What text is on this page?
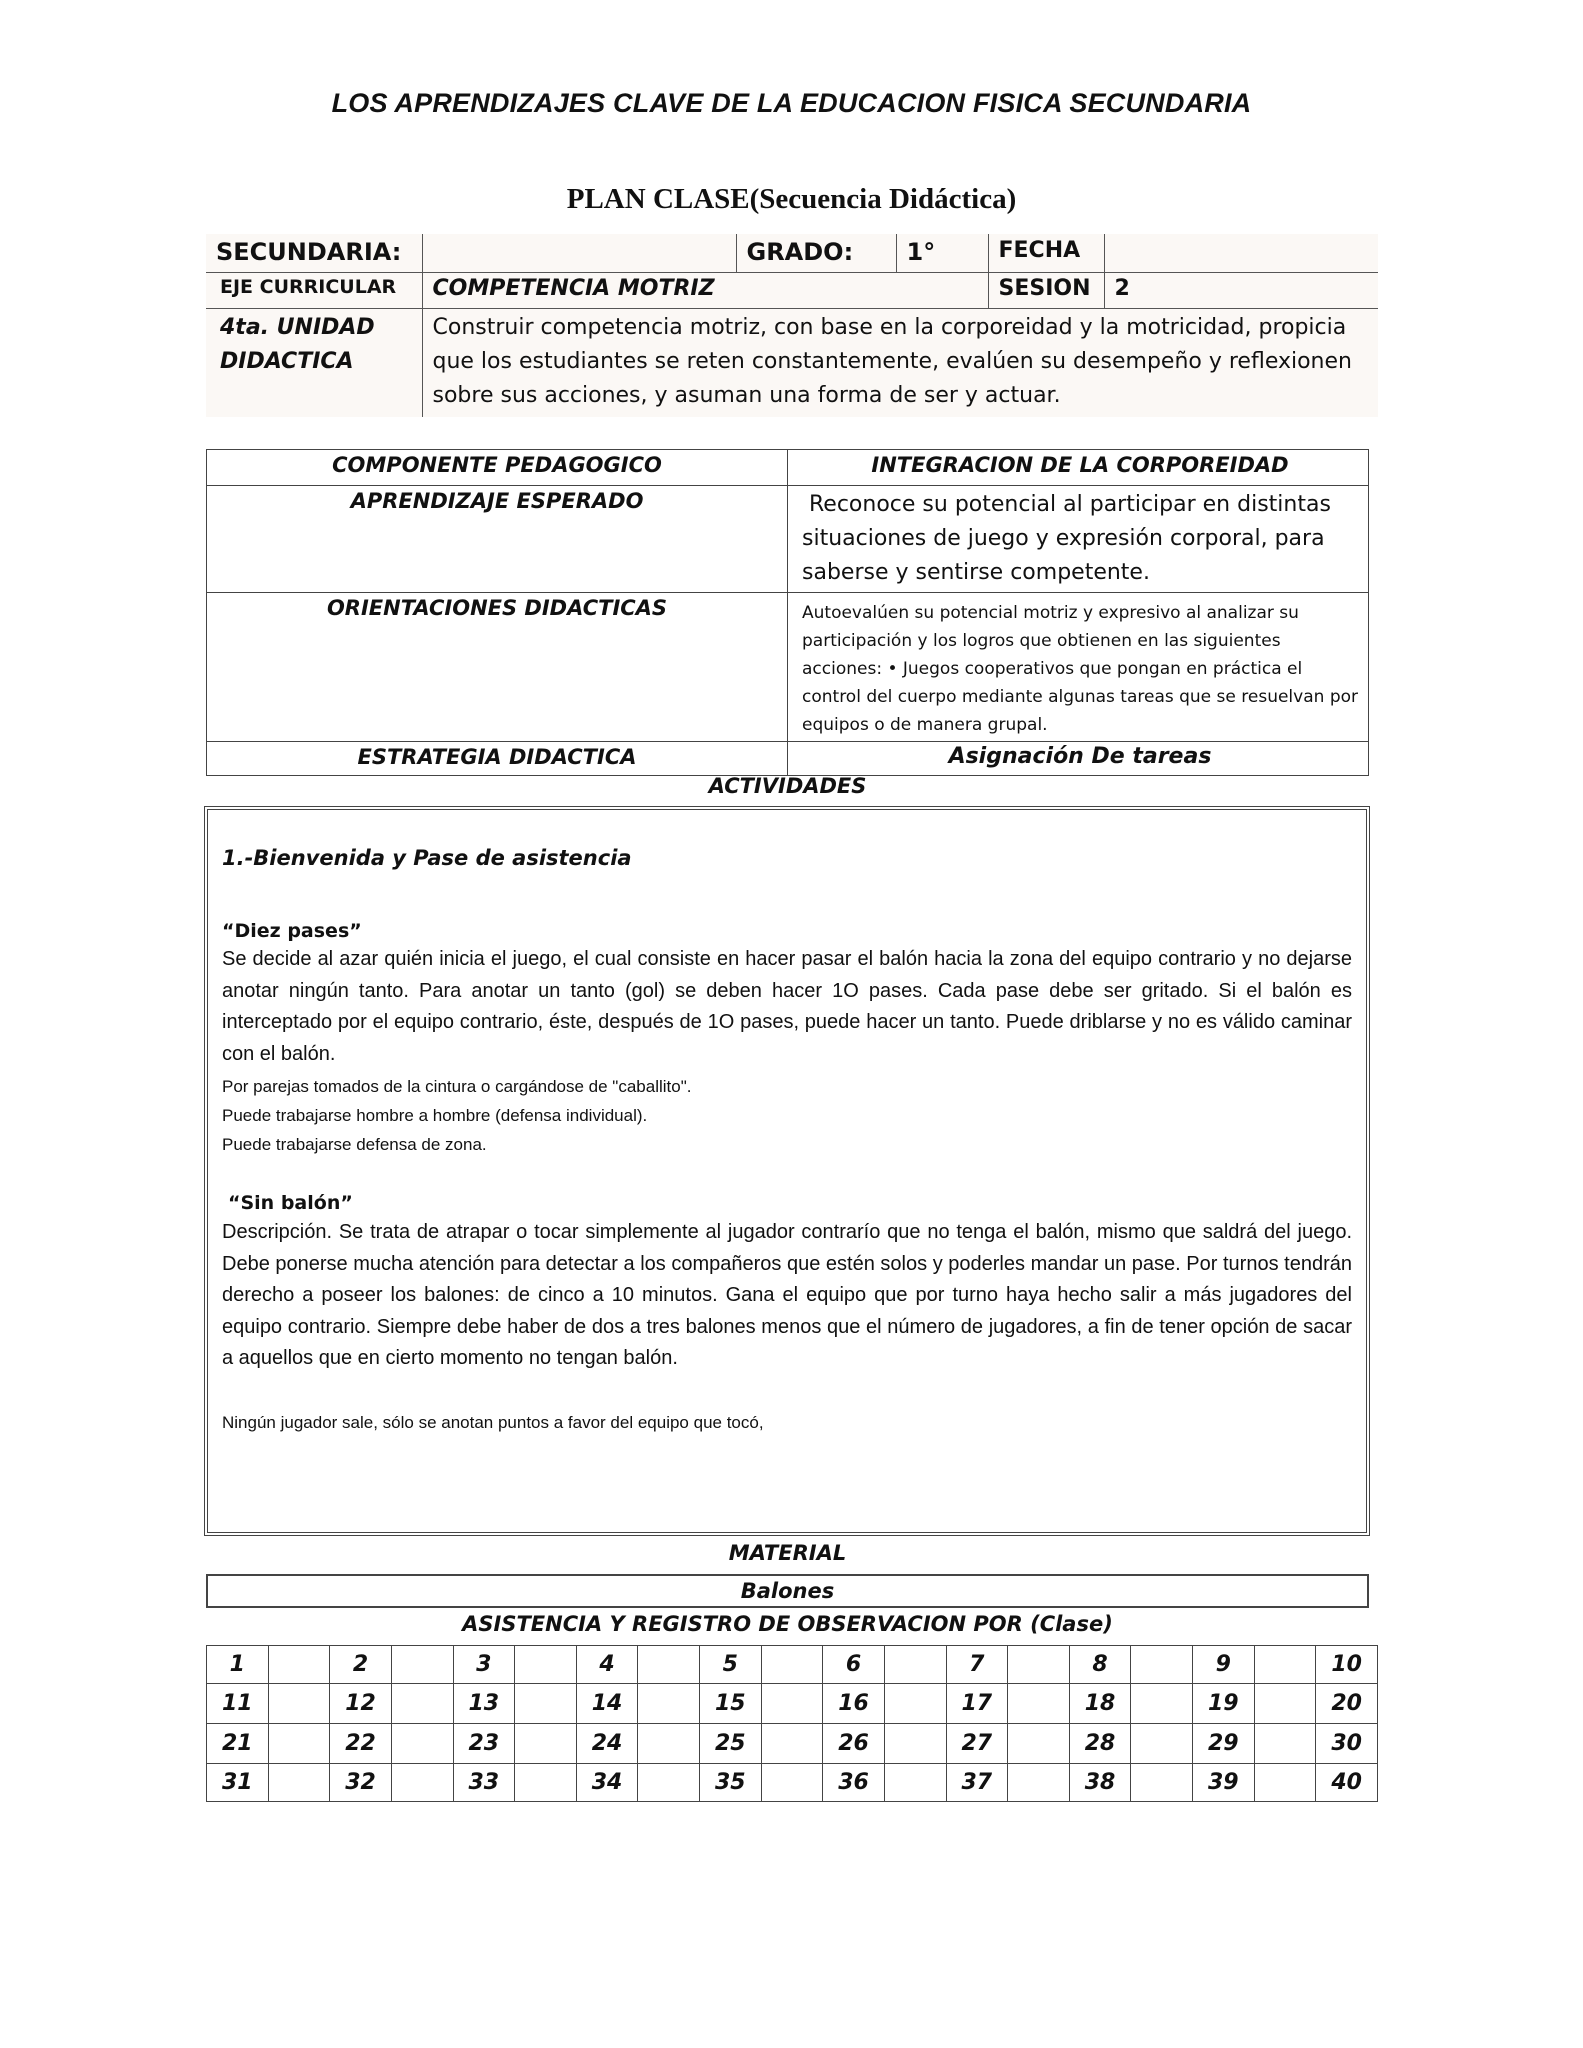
LOS APRENDIZAJES CLAVE DE LA EDUCACION FISICA SECUNDARIA
PLAN CLASE(Secuencia Didáctica)
SECUNDARIA:		GRADO:	1°	FECHA	
EJE CURRICULAR	COMPETENCIA MOTRIZ			SESION	2

4ta. UNIDAD
DIDACTICA	Construir competencia motriz, con base en la corporeidad y la motricidad, propicia que los estudiantes se reten constantemente, evalúen su desempeño y reflexionen sobre sus acciones, y asuman una forma de ser y actuar.				
COMPONENTE PEDAGOGICO	INTEGRACION DE LA CORPOREIDAD
APRENDIZAJE ESPERADO	Reconoce su potencial al participar en distintas situaciones de juego y expresión corporal, para saberse y sentirse competente.
ORIENTACIONES DIDACTICAS	Autoevalúen su potencial motriz y expresivo al analizar su participación y los logros que obtienen en las siguientes acciones: • Juegos cooperativos que pongan en práctica el control del cuerpo mediante algunas tareas que se resuelvan por equipos o de manera grupal.
ESTRATEGIA DIDACTICA	Asignación De tareas
ACTIVIDADES
1.-Bienvenida y Pase de asistencia
“Diez pases”
Se decide al azar quién inicia el juego, el cual consiste en hacer pasar el balón hacia la zona del equipo contrario y no dejarse anotar ningún tanto. Para anotar un tanto (gol) se deben hacer 1O pases. Cada pase debe ser gritado. Si el balón es interceptado por el equipo contrario, éste, después de 1O pases, puede hacer un tanto. Puede driblarse y no es válido caminar con el balón.
Por parejas tomados de la cintura o cargándose de "caballito".
Puede trabajarse hombre a hombre (defensa individual).
Puede trabajarse defensa de zona.
“Sin balón”
Descripción. Se trata de atrapar o tocar simplemente al jugador contrarío que no tenga el balón, mismo que saldrá del juego. Debe ponerse mucha atención para detectar a los compañeros que estén solos y poderles mandar un pase. Por turnos tendrán derecho a poseer los balones: de cinco a 10 minutos. Gana el equipo que por turno haya hecho salir a más jugadores del equipo contrario. Siempre debe haber de dos a tres balones menos que el número de jugadores, a fin de tener opción de sacar a aquellos que en cierto momento no tengan balón.
Ningún jugador sale, sólo se anotan puntos a favor del equipo que tocó,
MATERIAL
Balones
ASISTENCIA Y REGISTRO DE OBSERVACION POR (Clase)
1		2		3		4		5		6		7		8		9		10
11		12		13		14		15		16		17		18		19		20
21		22		23		24		25		26		27		28		29		30
31		32		33		34		35		36		37		38		39		40
